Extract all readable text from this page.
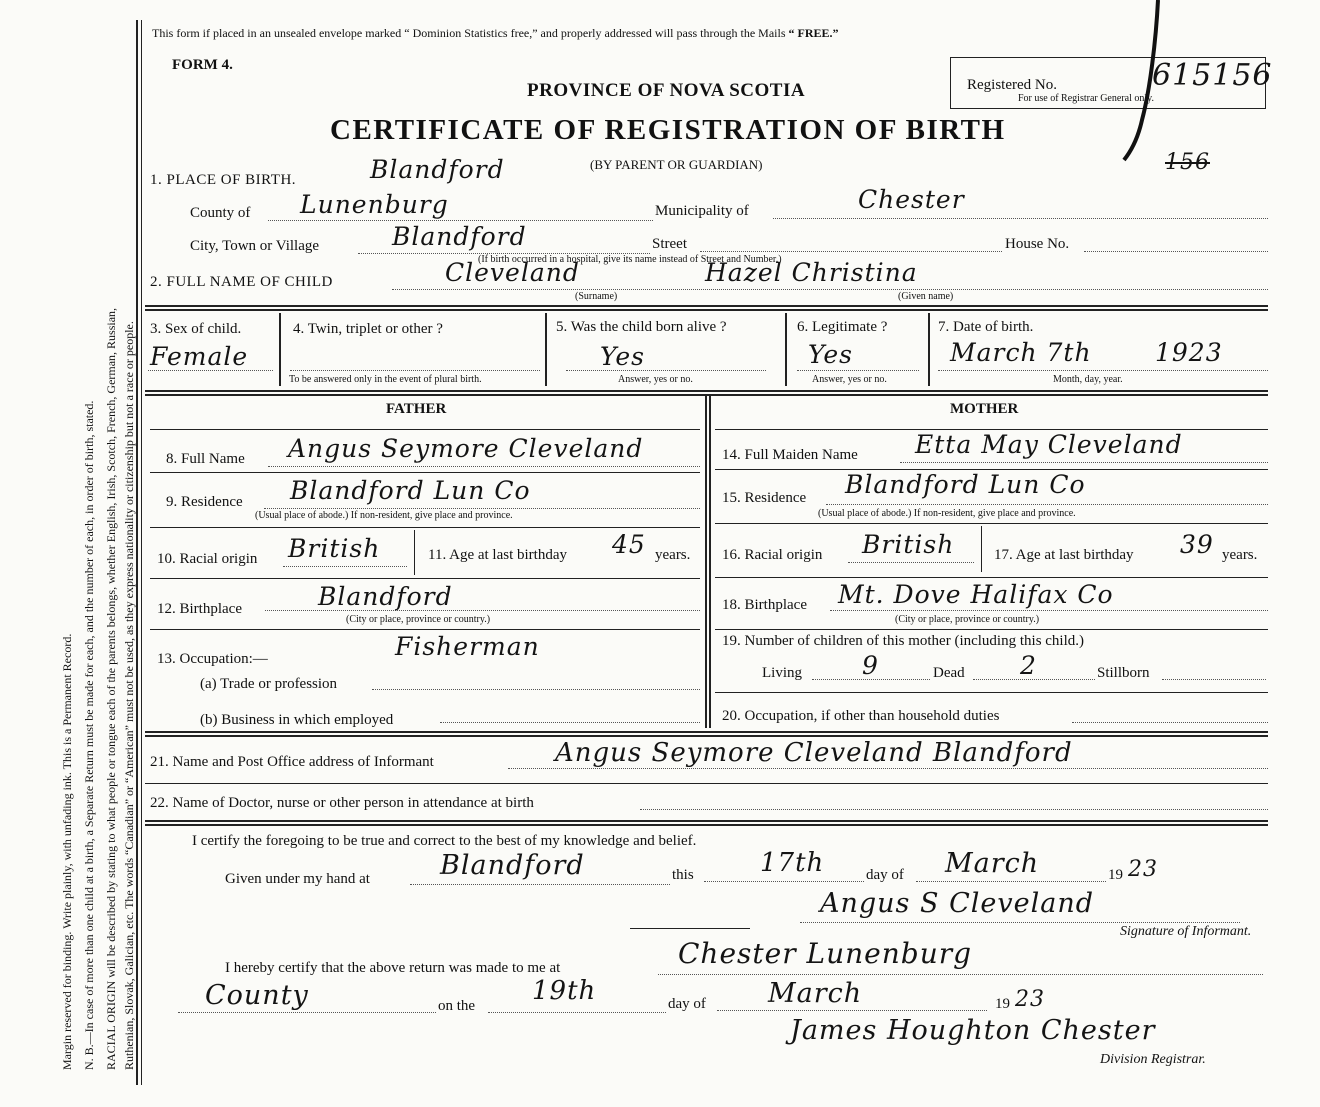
Margin reserved for binding. Write plainly, with unfading ink. This is a Permanent Record. N. B.—In case of more than one child at a birth, a Separate Return must be made for each, and the number of each, in order of birth, stated. RACIAL ORIGIN will be described by stating to what people or tongue each of the parents belongs, whether English, Irish, Scotch, French, German, Russian, Ruthenian, Slovak, Galician, etc. The words “Canadian” or “American” must not be used, as they express nationality or citizenship but not a race or people.
This form if placed in an unsealed envelope marked “ Dominion Statistics free,” and properly addressed will pass through the Mails “ FREE.”
FORM 4.
PROVINCE OF NOVA SCOTIA
CERTIFICATE OF REGISTRATION OF BIRTH
(BY PARENT OR GUARDIAN)
Registered No.	615156
For use of Registrar General only.
156
1. PLACE OF BIRTH.	Blandford
County of Lunenburg	Municipality of	Chester
City, Town or Village	Blandford	Street
(If birth occurred in a hospital, give its name instead of Street and Number.)
House No.
2. FULL NAME OF CHILD	Cleveland	Hazel Christina
(Surname)	(Given name)
3. Sex of child.
Female
4. Twin, triplet or other ?
To be answered only in the event of plural birth.
5. Was the child born alive ?
Yes
Answer, yes or no.
6. Legitimate ?
Yes
Answer, yes or no.
7. Date of birth.
March 7th	1923
Month, day, year.
FATHER
8. Full Name Angus Seymore Cleveland
9. Residence Blandford Lun Co
(Usual place of abode.) If non-resident, give place and province.
10. Racial origin British	11. Age at last birthday 45 years.
12. Birthplace	Blandford
(City or place, province or country.)
13. Occupation:—	Fisherman
(a) Trade or profession
(b) Business in which employed
MOTHER
14. Full Maiden Name Etta May Cleveland
15. Residence Blandford Lun Co
(Usual place of abode.) If non-resident, give place and province.
16. Racial origin British	17. Age at last birthday 39 years.
18. Birthplace Mt. Dove Halifax Co
(City or place, province or country.)
19. Number of children of this mother (including this child.)
Living 9	Dead 2	Stillborn
20. Occupation, if other than household duties
21. Name and Post Office address of Informant	Angus Seymore Cleveland Blandford
22. Name of Doctor, nurse or other person in attendance at birth
I certify the foregoing to be true and correct to the best of my knowledge and belief.
Given under my hand at	Blandford	this	17th	day of March	19 23
Angus S Cleveland
Signature of Informant.
I hereby certify that the above return was made to me at	Chester Lunenburg
County	on the 19th	day of March	19 23
James Houghton Chester
Division Registrar.
